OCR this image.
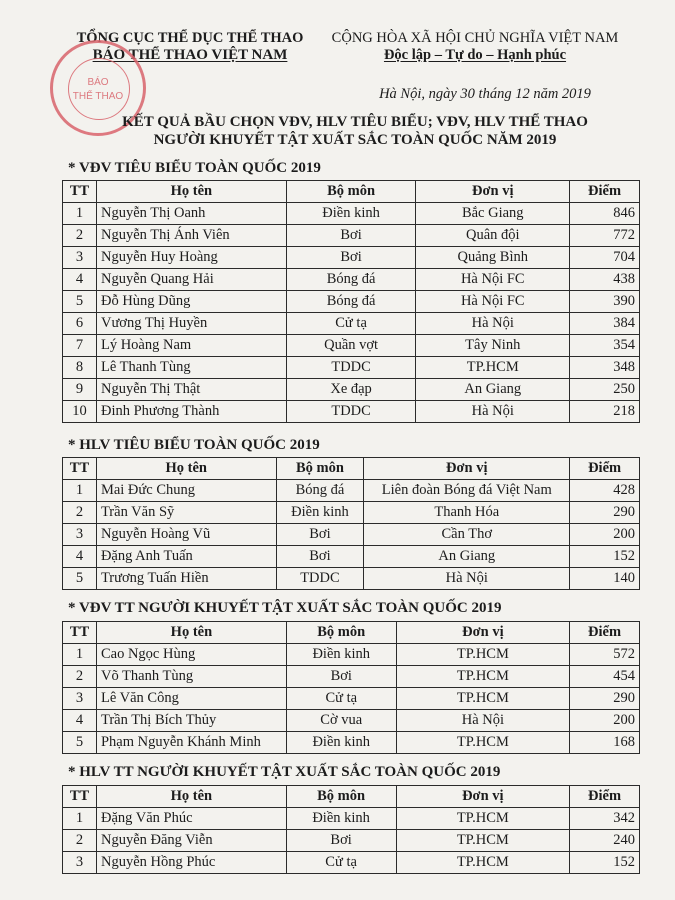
TỔNG CỤC THỂ DỤC THỂ THAO
BÁO THỂ THAO VIỆT NAM
CỘNG HÒA XÃ HỘI CHỦ NGHĨA VIỆT NAM
Độc lập – Tự do – Hạnh phúc
BÁO
THỂ THAO	Hà Nội, ngày 30 tháng 12 năm 2019
KẾT QUẢ BẦU CHỌN VĐV, HLV TIÊU BIỂU; VĐV, HLV THỂ THAO
NGƯỜI KHUYẾT TẬT XUẤT SẮC TOÀN QUỐC NĂM 2019
* VĐV TIÊU BIỂU TOÀN QUỐC 2019
TT	Họ tên	Bộ môn	Đơn vị	Điểm
1	Nguyễn Thị Oanh	Điền kinh	Bắc Giang	846
2	Nguyễn Thị Ánh Viên	Bơi	Quân đội	772
3	Nguyễn Huy Hoàng	Bơi	Quảng Bình	704
4	Nguyễn Quang Hải	Bóng đá	Hà Nội FC	438
5	Đỗ Hùng Dũng	Bóng đá	Hà Nội FC	390
6	Vương Thị Huyền	Cử tạ	Hà Nội	384
7	Lý Hoàng Nam	Quần vợt	Tây Ninh	354
8	Lê Thanh Tùng	TDDC	TP.HCM	348
9	Nguyễn Thị Thật	Xe đạp	An Giang	250
10	Đinh Phương Thành	TDDC	Hà Nội	218
* HLV TIÊU BIỂU TOÀN QUỐC 2019
TT	Họ tên	Bộ môn	Đơn vị	Điểm
1	Mai Đức Chung	Bóng đá	Liên đoàn Bóng đá Việt Nam	428
2	Trần Văn Sỹ	Điền kinh	Thanh Hóa	290
3	Nguyễn Hoàng Vũ	Bơi	Cần Thơ	200
4	Đặng Anh Tuấn	Bơi	An Giang	152
5	Trương Tuấn Hiền	TDDC	Hà Nội	140
* VĐV TT NGƯỜI KHUYẾT TẬT XUẤT SẮC TOÀN QUỐC 2019
TT	Họ tên	Bộ môn	Đơn vị	Điểm
1	Cao Ngọc Hùng	Điền kinh	TP.HCM	572
2	Võ Thanh Tùng	Bơi	TP.HCM	454
3	Lê Văn Công	Cử tạ	TP.HCM	290
4	Trần Thị Bích Thủy	Cờ vua	Hà Nội	200
5	Phạm Nguyễn Khánh Minh	Điền kinh	TP.HCM	168
* HLV TT NGƯỜI KHUYẾT TẬT XUẤT SẮC TOÀN QUỐC 2019
TT	Họ tên	Bộ môn	Đơn vị	Điểm
1	Đặng Văn Phúc	Điền kinh	TP.HCM	342
2	Nguyễn Đăng Viễn	Bơi	TP.HCM	240
3	Nguyễn Hồng Phúc	Cử tạ	TP.HCM	152
